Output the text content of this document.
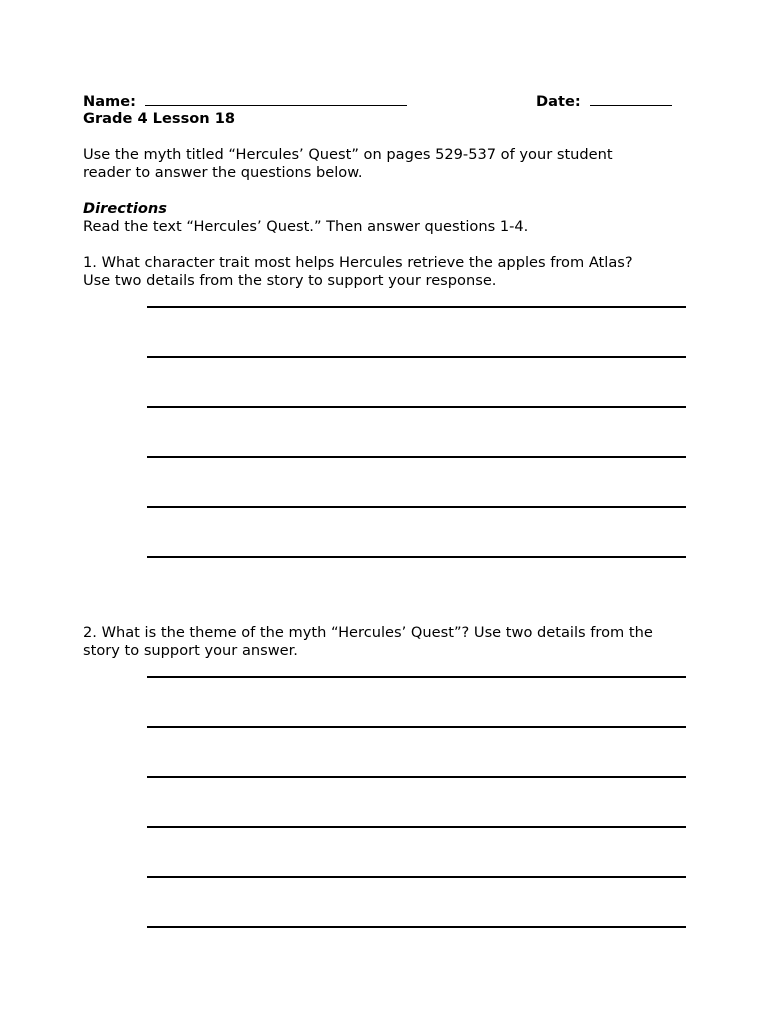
Name:	Date:
Grade 4 Lesson 18
Use the myth titled “Hercules’ Quest” on pages 529-537 of your student
reader to answer the questions below.
Directions
Read the text “Hercules’ Quest.” Then answer questions 1-4.
1. What character trait most helps Hercules retrieve the apples from Atlas?
Use two details from the story to support your response.
2. What is the theme of the myth “Hercules’ Quest”? Use two details from the
story to support your answer.
